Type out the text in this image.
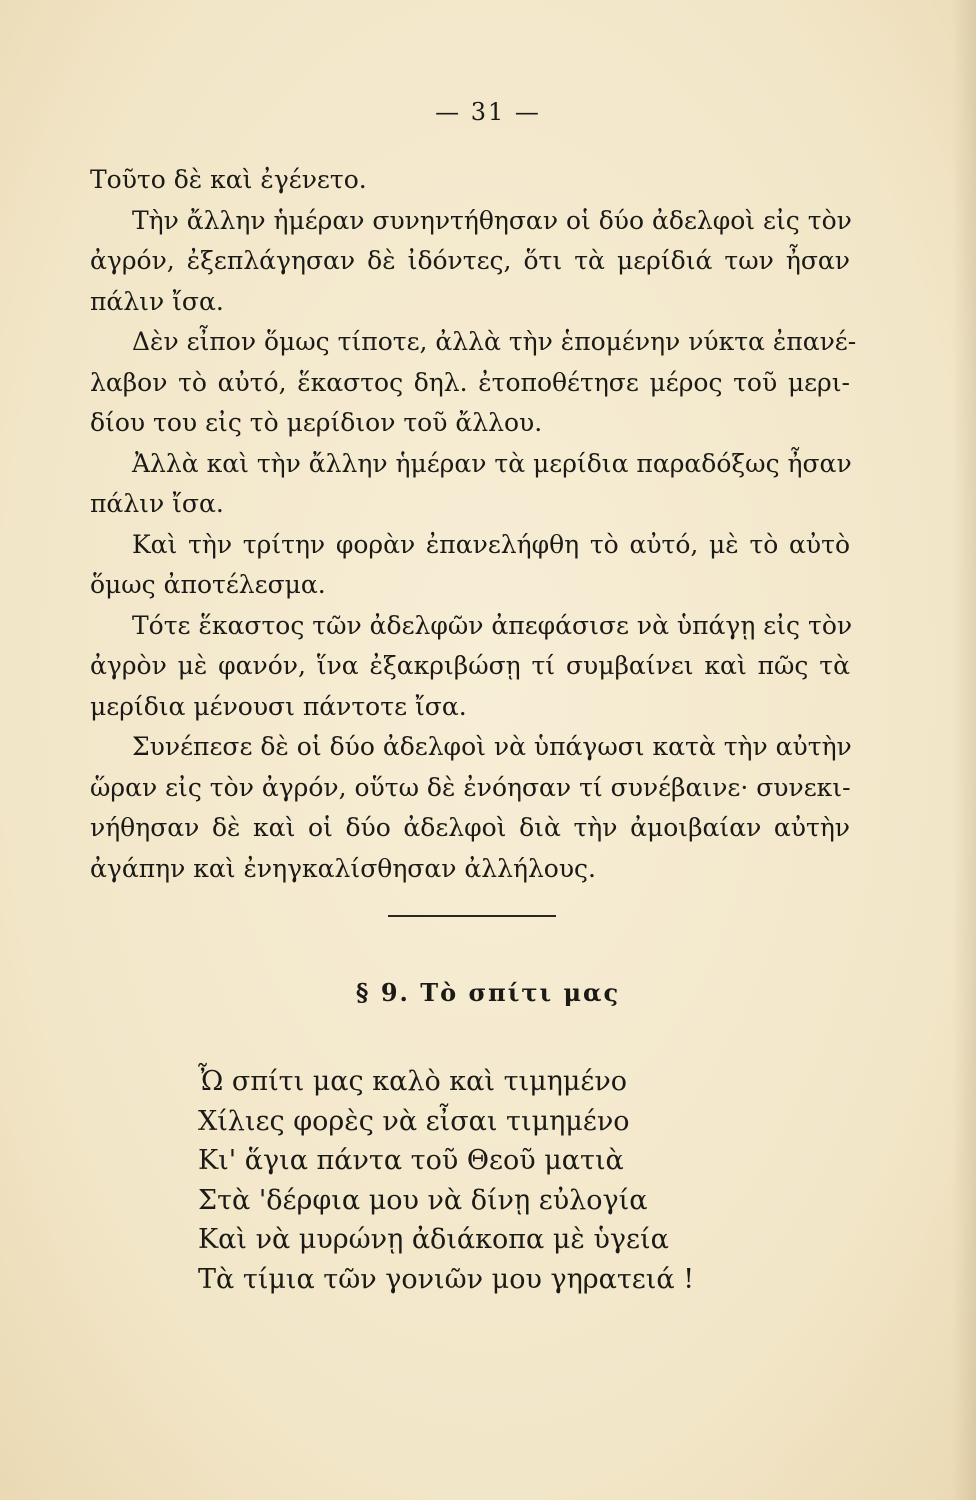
— 31 —
Τοῦτο δὲ καὶ ἐγένετο.
Τὴν ἄλλην ἡμέραν συνηντήθησαν οἱ δύο ἀδελφοὶ εἰς τὸν
ἀγρόν, ἐξεπλάγησαν δὲ ἰδόντες, ὅτι τὰ μερίδιά των ἦσαν
πάλιν ἴσα.
Δὲν εἶπον ὅμως τίποτε, ἀλλὰ τὴν ἑπομένην νύκτα ἐπανέ-
λαβον τὸ αὐτό, ἕκαστος δηλ. ἐτοποθέτησε μέρος τοῦ μερι-
δίου του εἰς τὸ μερίδιον τοῦ ἄλλου.
Ἀλλὰ καὶ τὴν ἄλλην ἡμέραν τὰ μερίδια παραδόξως ἦσαν
πάλιν ἴσα.
Καὶ τὴν τρίτην φορὰν ἐπανελήφθη τὸ αὐτό, μὲ τὸ αὐτὸ
ὅμως ἀποτέλεσμα.
Τότε ἕκαστος τῶν ἀδελφῶν ἀπεφάσισε νὰ ὑπάγῃ εἰς τὸν
ἀγρὸν μὲ φανόν, ἵνα ἐξακριβώσῃ τί συμβαίνει καὶ πῶς τὰ
μερίδια μένουσι πάντοτε ἴσα.
Συνέπεσε δὲ οἱ δύο ἀδελφοὶ νὰ ὑπάγωσι κατὰ τὴν αὐτὴν
ὥραν εἰς τὸν ἀγρόν, οὕτω δὲ ἐνόησαν τί συνέβαινε· συνεκι-
νήθησαν δὲ καὶ οἱ δύο ἀδελφοὶ διὰ τὴν ἀμοιβαίαν αὐτὴν
ἀγάπην καὶ ἐνηγκαλίσθησαν ἀλλήλους.
§ 9. Τὸ σπίτι μας
Ὦ σπίτι μας καλὸ καὶ τιμημένο
Χίλιες φορὲς νὰ εἶσαι τιμημένο
Κι' ἅγια πάντα τοῦ Θεοῦ ματιὰ
Στὰ 'δέρφια μου νὰ δίνῃ εὐλογία
Καὶ νὰ μυρώνῃ ἀδιάκοπα μὲ ὑγεία
Τὰ τίμια τῶν γονιῶν μου γηρατειά !
